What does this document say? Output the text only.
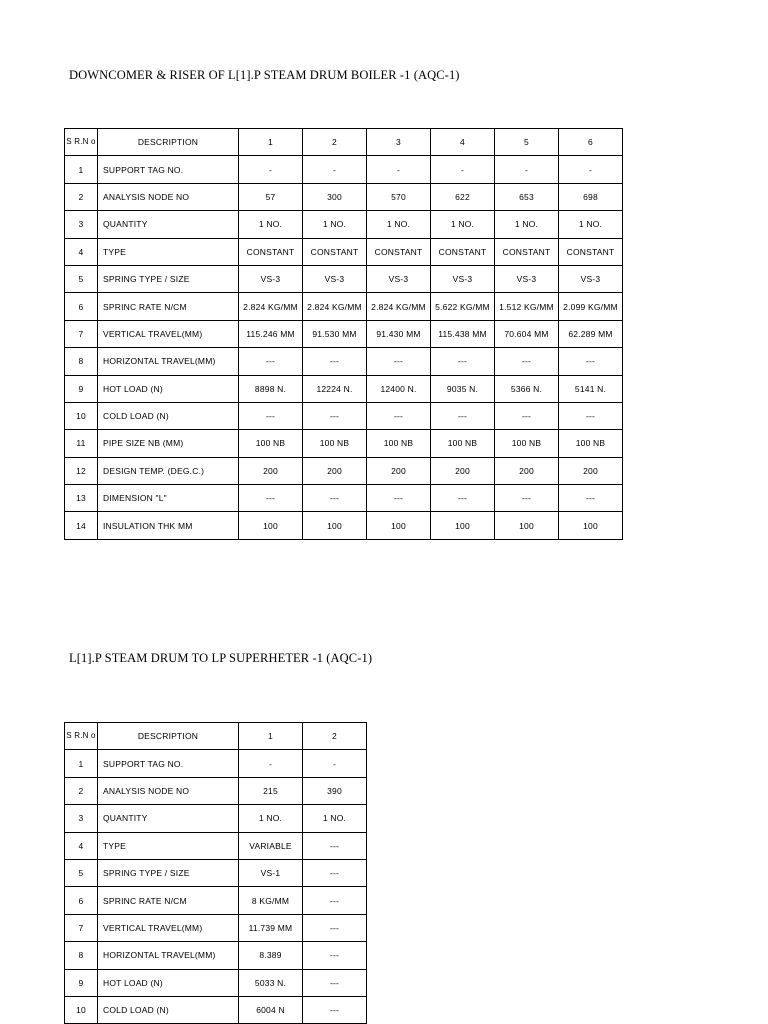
DOWNCOMER & RISER OF L[1].P STEAM DRUM BOILER -1 (AQC-1)
S R.N o	DESCRIPTION	1	2	3	4	5	6
1	SUPPORT TAG NO.	-	-	-	-	-	-
2	ANALYSIS NODE NO	57	300	570	622	653	698
3	QUANTITY	1 NO.	1 NO.	1 NO.	1 NO.	1 NO.	1 NO.
4	TYPE	CONSTANT	CONSTANT	CONSTANT	CONSTANT	CONSTANT	CONSTANT
5	SPRING TYPE / SIZE	VS-3	VS-3	VS-3	VS-3	VS-3	VS-3
6	SPRINC RATE N/CM	2.824 KG/MM	2.824 KG/MM	2.824 KG/MM	5.622 KG/MM	1.512 KG/MM	2.099 KG/MM
7	VERTICAL TRAVEL(MM)	115.246 MM	91.530 MM	91.430 MM	115.438 MM	70.604 MM	62.289 MM
8	HORIZONTAL TRAVEL(MM)	---	---	---	---	---	---
9	HOT LOAD (N)	8898 N.	12224 N.	12400 N.	9035 N.	5366 N.	5141 N.
10	COLD LOAD (N)	---	---	---	---	---	---
11	PIPE SIZE NB (MM)	100 NB	100 NB	100 NB	100 NB	100 NB	100 NB
12	DESIGN TEMP. (DEG.C.)	200	200	200	200	200	200
13	DIMENSION "L"	---	---	---	---	---	---
14	INSULATION THK MM	100	100	100	100	100	100
L[1].P STEAM DRUM TO LP SUPERHETER -1 (AQC-1)
S R.N o	DESCRIPTION	1	2
1	SUPPORT TAG NO.	-	-
2	ANALYSIS NODE NO	215	390
3	QUANTITY	1 NO.	1 NO.
4	TYPE	VARIABLE	---
5	SPRING TYPE / SIZE	VS-1	---
6	SPRINC RATE N/CM	8 KG/MM	---
7	VERTICAL TRAVEL(MM)	11.739 MM	---
8	HORIZONTAL TRAVEL(MM)	8.389	---
9	HOT LOAD (N)	5033 N.	---
10	COLD LOAD (N)	6004 N	---
